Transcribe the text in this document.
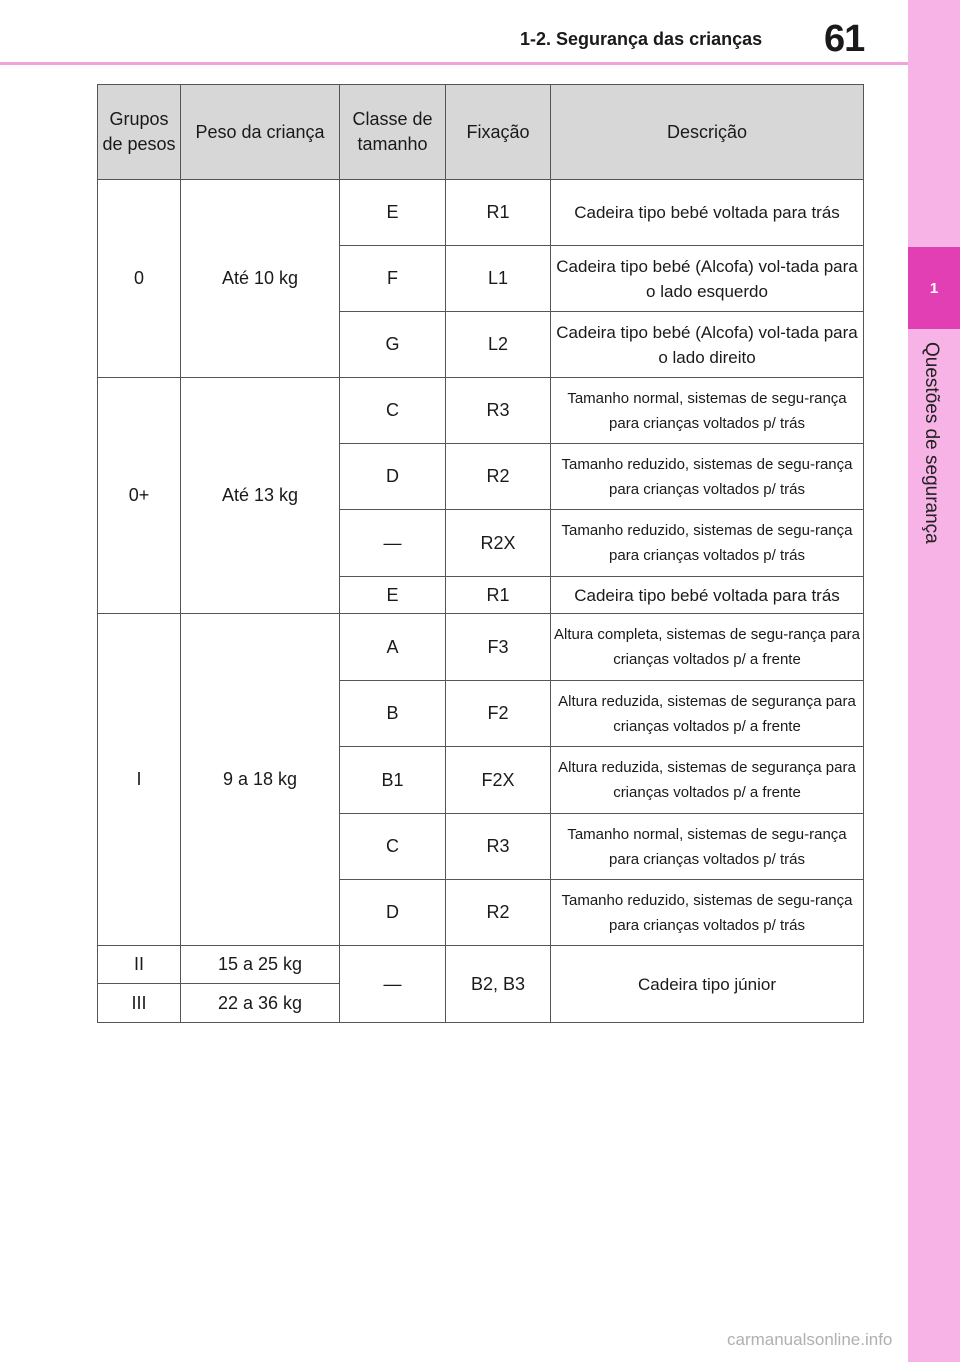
1-2. Segurança das crianças 61
1
Questões de segurança
Grupos de pesos	Peso da criança	Classe de tamanho	Fixação	Descrição
0	Até 10 kg	E	R1	Cadeira tipo bebé voltada para trás
		F	L1	Cadeira tipo bebé (Alcofa) vol-tada para o lado esquerdo
		G	L2	Cadeira tipo bebé (Alcofa) vol-tada para o lado direito
0+	Até 13 kg	C	R3	Tamanho normal, sistemas de segu-rança para crianças voltados p/ trás
		D	R2	Tamanho reduzido, sistemas de segu-rança para crianças voltados p/ trás
		—	R2X	Tamanho reduzido, sistemas de segu-rança para crianças voltados p/ trás
		E	R1	Cadeira tipo bebé voltada para trás
I	9 a 18 kg	A	F3	Altura completa, sistemas de segu-rança para crianças voltados p/ a frente
		B	F2	Altura reduzida, sistemas de segurança para crianças voltados p/ a frente
		B1	F2X	Altura reduzida, sistemas de segurança para crianças voltados p/ a frente
		C	R3	Tamanho normal, sistemas de segu-rança para crianças voltados p/ trás
		D	R2	Tamanho reduzido, sistemas de segu-rança para crianças voltados p/ trás
II	15 a 25 kg	—	B2, B3	Cadeira tipo júnior
III	22 a 36 kg			
carmanualsonline.info
